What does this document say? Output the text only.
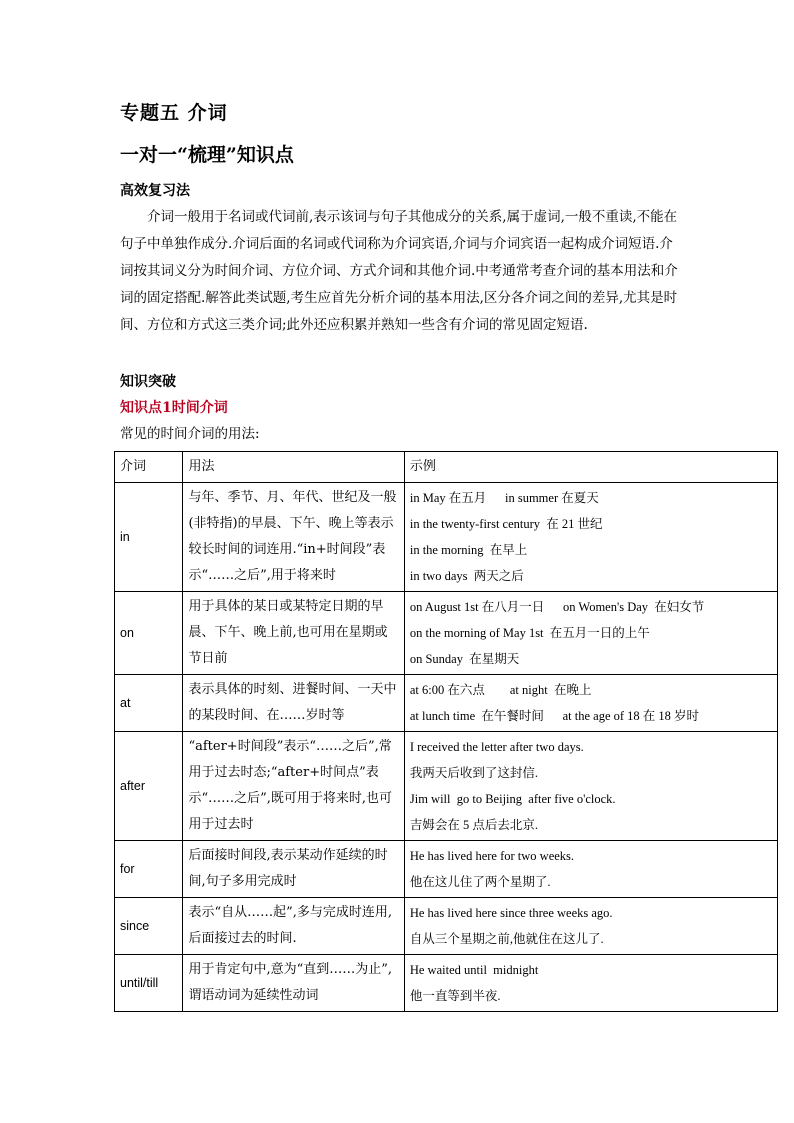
专题五 介词
一对一“梳理”知识点
高效复习法
介词一般用于名词或代词前,表示该词与句子其他成分的关系,属于虚词,一般不重读,不能在句子中单独作成分.介词后面的名词或代词称为介词宾语,介词与介词宾语一起构成介词短语.介词按其词义分为时间介词、方位介词、方式介词和其他介词.中考通常考查介词的基本用法和介词的固定搭配.解答此类试题,考生应首先分析介词的基本用法,区分各介词之间的差异,尤其是时间、方位和方式这三类介词;此外还应积累并熟知一些含有介词的常见固定短语.
知识突破
知识点1时间介词
常见的时间介词的用法:
介词	用法	示例
in	与年、季节、月、年代、世纪及一般(非特指)的早晨、下午、晚上等表示较长时间的词连用.“in+时间段”表示“……之后”,用于将来时	in May 在五月      in summer 在夏天
in the twenty-first century  在 21 世纪
in the morning  在早上
in two days  两天之后

on	用于具体的某日或某特定日期的早晨、下午、晚上前,也可用在星期或节日前	on August 1st 在八月一日      on Women's Day  在妇女节
on the morning of May 1st  在五月一日的上午
on Sunday  在星期天

at	表示具体的时刻、进餐时间、一天中的某段时间、在……岁时等	at 6:00 在六点        at night  在晚上
at lunch time  在午餐时间      at the age of 18 在 18 岁时

after	“after+时间段”表示“……之后”,常用于过去时态;“after+时间点”表示“……之后”,既可用于将来时,也可用于过去时	I received the letter after two days.
我两天后收到了这封信.
Jim will  go to Beijing  after five o'clock.
吉姆会在 5 点后去北京.

for	后面接时间段,表示某动作延续的时间,句子多用完成时	He has lived here for two weeks.
他在这儿住了两个星期了.

since	表示“自从……起”,多与完成时连用,后面接过去的时间.	He has lived here since three weeks ago.
自从三个星期之前,他就住在这儿了.

until/till	用于肯定句中,意为“直到……为止”,谓语动词为延续性动词	He waited until  midnight
他一直等到半夜.
